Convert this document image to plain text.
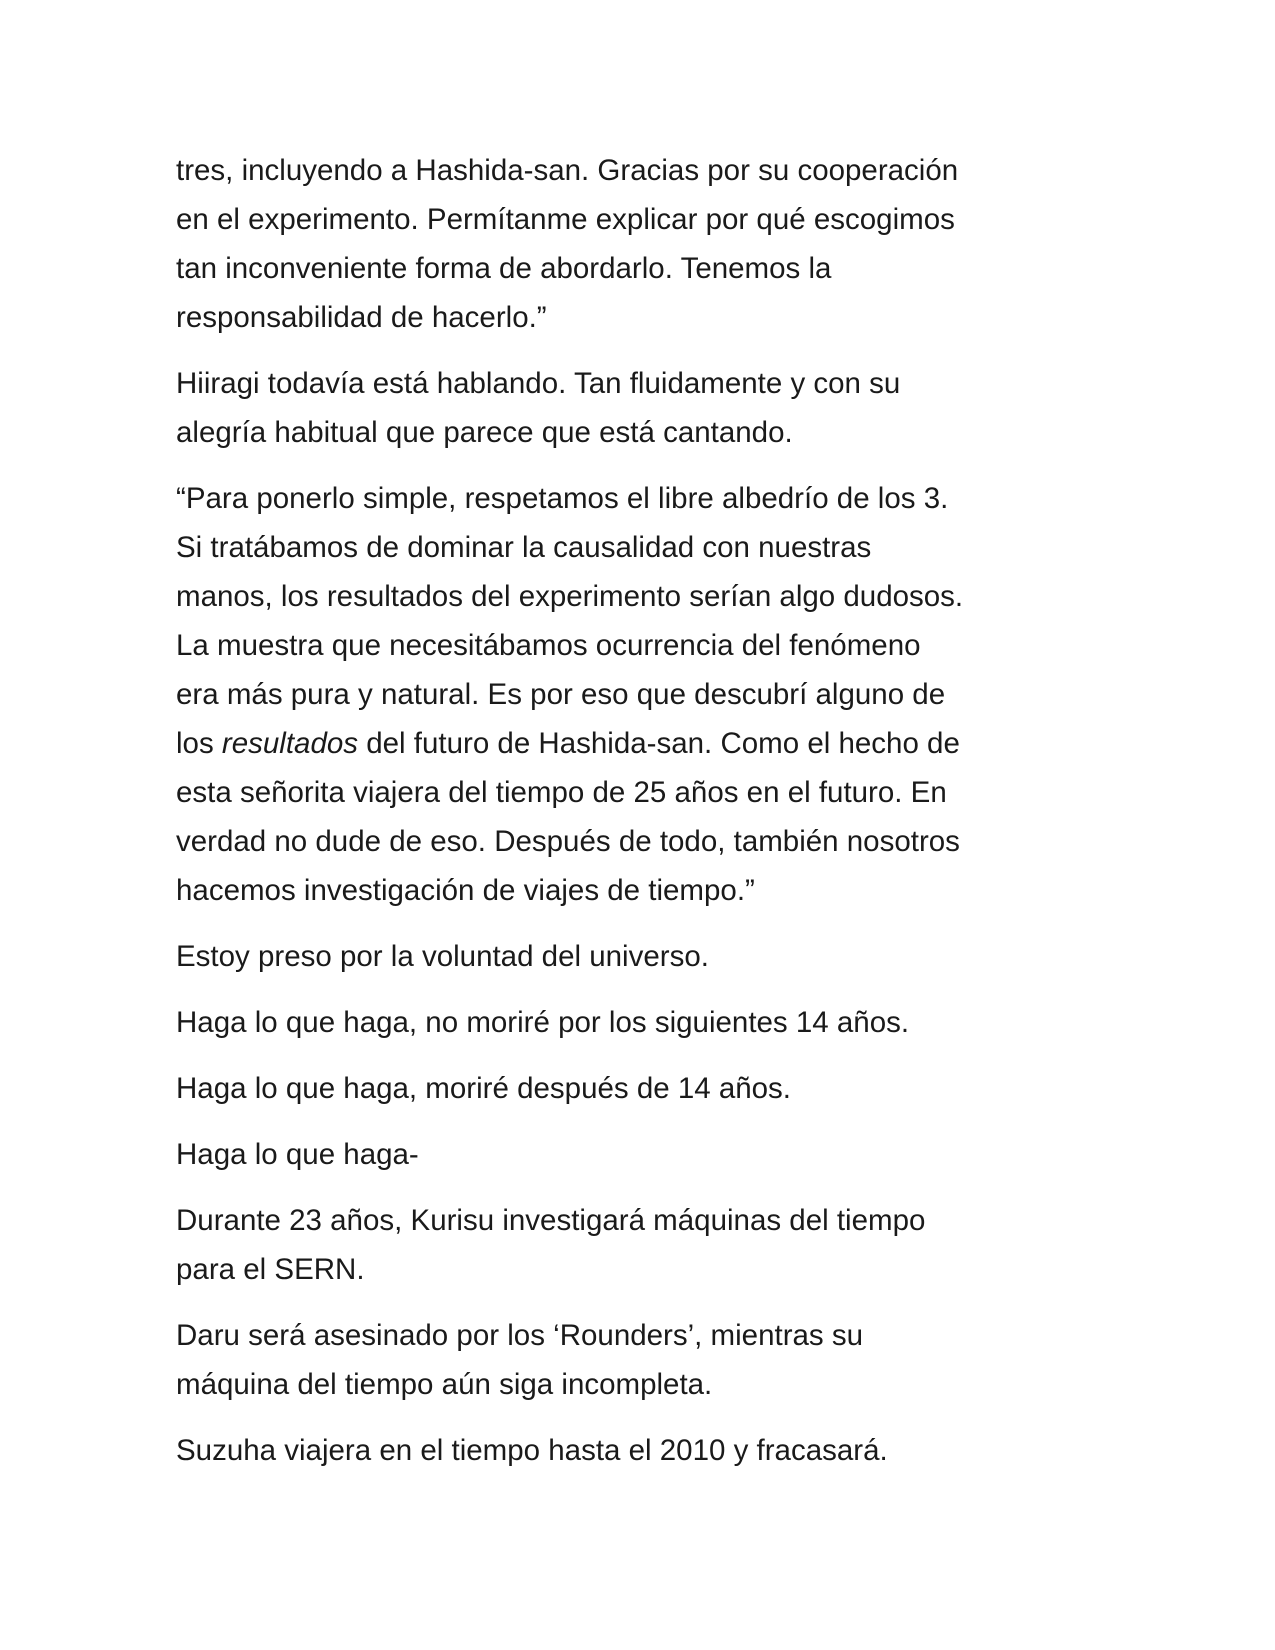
tres, incluyendo a Hashida-san. Gracias por su cooperación
en el experimento. Permítanme explicar por qué escogimos
tan inconveniente forma de abordarlo. Tenemos la
responsabilidad de hacerlo.”

Hiiragi todavía está hablando. Tan fluidamente y con su
alegría habitual que parece que está cantando.

“Para ponerlo simple, respetamos el libre albedrío de los 3.
Si tratábamos de dominar la causalidad con nuestras
manos, los resultados del experimento serían algo dudosos.
La muestra que necesitábamos ocurrencia del fenómeno
era más pura y natural. Es por eso que descubrí alguno de
los resultados del futuro de Hashida-san. Como el hecho de
esta señorita viajera del tiempo de 25 años en el futuro. En
verdad no dude de eso. Después de todo, también nosotros
hacemos investigación de viajes de tiempo.”

Estoy preso por la voluntad del universo.

Haga lo que haga, no moriré por los siguientes 14 años.

Haga lo que haga, moriré después de 14 años.

Haga lo que haga-

Durante 23 años, Kurisu investigará máquinas del tiempo
para el SERN.

Daru será asesinado por los ‘Rounders’, mientras su
máquina del tiempo aún siga incompleta.

Suzuha viajera en el tiempo hasta el 2010 y fracasará.
